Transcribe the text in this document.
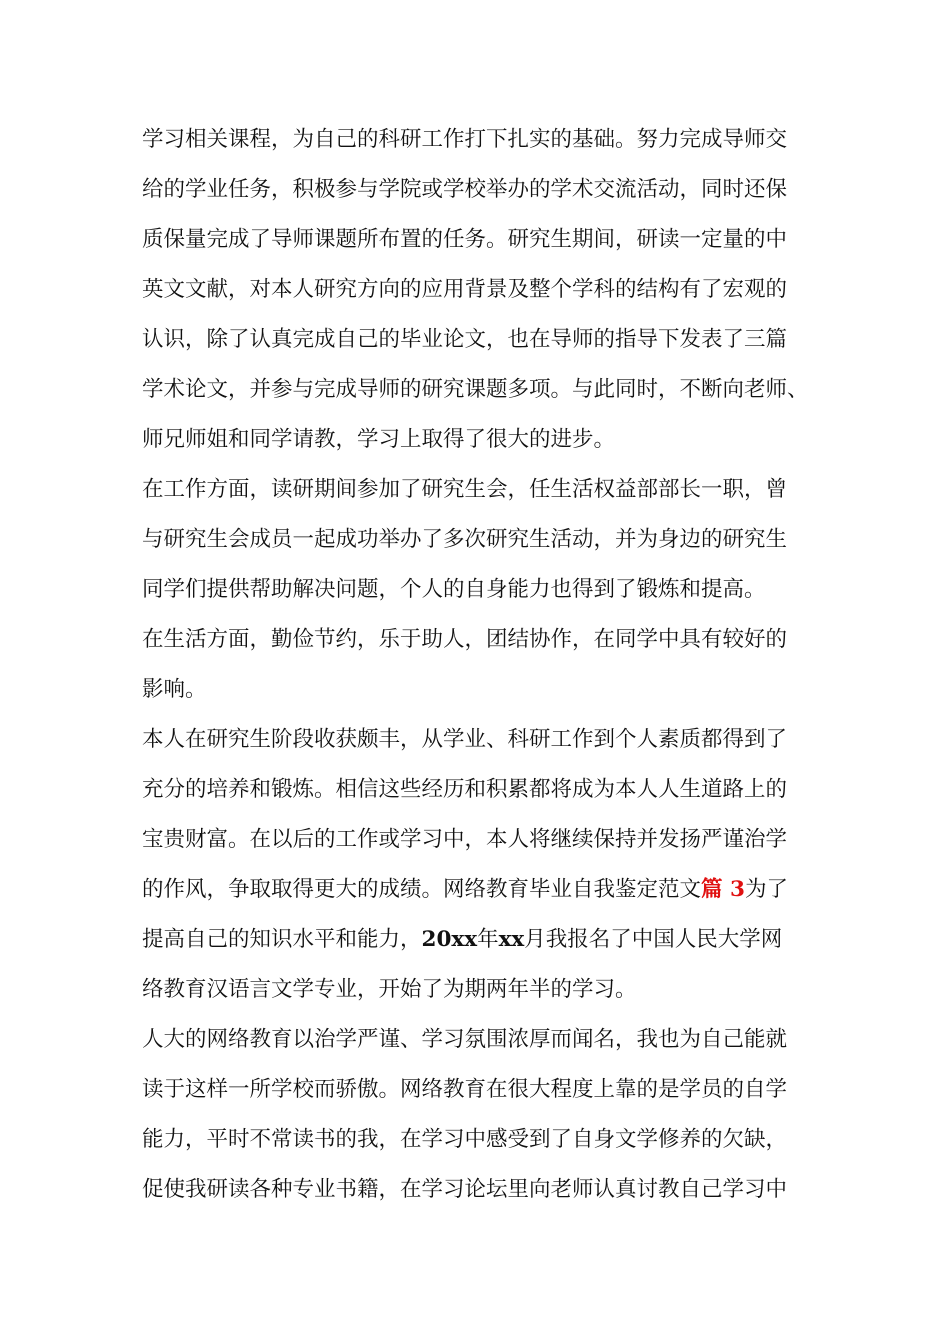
学习相关课程，为自己的科研工作打下扎实的基础。努力完成导师交
给的学业任务，积极参与学院或学校举办的学术交流活动，同时还保
质保量完成了导师课题所布置的任务。研究生期间，研读一定量的中
英文文献，对本人研究方向的应用背景及整个学科的结构有了宏观的
认识，除了认真完成自己的毕业论文，也在导师的指导下发表了三篇
学术论文，并参与完成导师的研究课题多项。与此同时，不断向老师、
师兄师姐和同学请教，学习上取得了很大的进步。
在工作方面，读研期间参加了研究生会，任生活权益部部长一职，曾
与研究生会成员一起成功举办了多次研究生活动，并为身边的研究生
同学们提供帮助解决问题，个人的自身能力也得到了锻炼和提高。
在生活方面，勤俭节约，乐于助人，团结协作，在同学中具有较好的
影响。
本人在研究生阶段收获颇丰，从学业、科研工作到个人素质都得到了
充分的培养和锻炼。相信这些经历和积累都将成为本人人生道路上的
宝贵财富。在以后的工作或学习中，本人将继续保持并发扬严谨治学
的作风，争取取得更大的成绩。网络教育毕业自我鉴定范文篇 3为了
提高自己的知识水平和能力，20xx年xx月我报名了中国人民大学网
络教育汉语言文学专业，开始了为期两年半的学习。
人大的网络教育以治学严谨、学习氛围浓厚而闻名，我也为自己能就
读于这样一所学校而骄傲。网络教育在很大程度上靠的是学员的自学
能力，平时不常读书的我，在学习中感受到了自身文学修养的欠缺，
促使我研读各种专业书籍，在学习论坛里向老师认真讨教自己学习中
